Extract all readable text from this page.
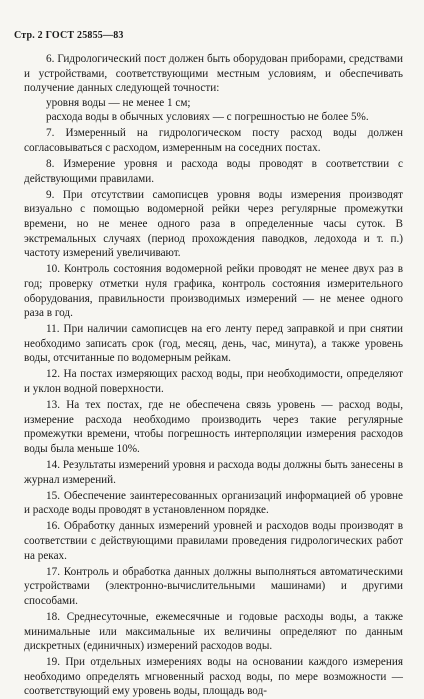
Стр. 2 ГОСТ 25855—83

6. Гидрологический пост должен быть оборудован приборами, средствами и устройствами, соответствующими местным условиям, и обеспечивать получение данных следующей точности:

уровня воды — не менее 1 см;

расхода воды в обычных условиях — с погрешностью не более 5%.

7. Измеренный на гидрологическом посту расход воды должен согласовываться с расходом, измеренным на соседних постах.

8. Измерение уровня и расхода воды проводят в соответствии с действующими правилами.

9. При отсутствии самописцев уровня воды измерения производят визуально с помощью водомерной рейки через регулярные промежутки времени, но не менее одного раза в определенные часы суток. В экстремальных случаях (период прохождения паводков, ледохода и т. п.) частоту измерений увеличивают.

10. Контроль состояния водомерной рейки проводят не менее двух раз в год; проверку отметки нуля графика, контроль состояния измерительного оборудования, правильности производимых измерений — не менее одного раза в год.

11. При наличии самописцев на его ленту перед заправкой и при снятии необходимо записать срок (год, месяц, день, час, минута), а также уровень воды, отсчитанные по водомерным рейкам.

12. На постах измеряющих расход воды, при необходимости, определяют и уклон водной поверхности.

13. На тех постах, где не обеспечена связь уровень — расход воды, измерение расхода необходимо производить через такие регулярные промежутки времени, чтобы погрешность интерполяции измерения расходов воды была меньше 10%.

14. Результаты измерений уровня и расхода воды должны быть занесены в журнал измерений.

15. Обеспечение заинтересованных организаций информацией об уровне и расходе воды проводят в установленном порядке.

16. Обработку данных измерений уровней и расходов воды производят в соответствии с действующими правилами проведения гидрологических работ на реках.

17. Контроль и обработка данных должны выполняться автоматическими устройствами (электронно-вычислительными машинами) и другими способами.

18. Среднесуточные, ежемесячные и годовые расходы воды, а также минимальные или максимальные их величины определяют по данным дискретных (единичных) измерений расходов воды.

19. При отдельных измерениях воды на основании каждого измерения необходимо определять мгновенный расход воды, по мере возможности — соответствующий ему уровень воды, площадь вод-
